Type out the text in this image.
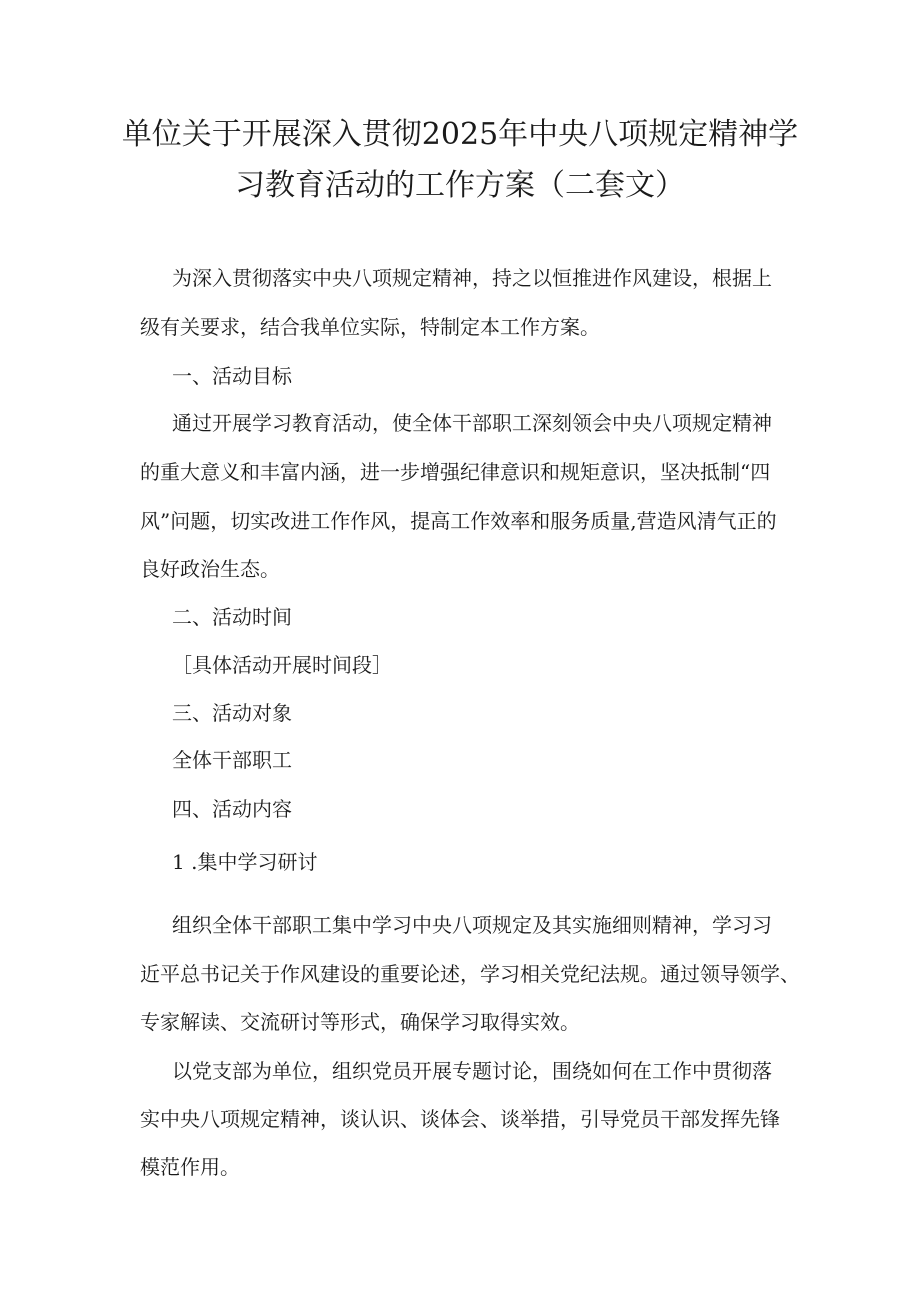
单位关于开展深入贯彻2025年中央八项规定精神学
习教育活动的工作方案（二套文）
为深入贯彻落实中央八项规定精神，持之以恒推进作风建设，根据上
级有关要求，结合我单位实际，特制定本工作方案。
一、活动目标
通过开展学习教育活动，使全体干部职工深刻领会中央八项规定精神
的重大意义和丰富内涵，进一步增强纪律意识和规矩意识，坚决抵制“四
风”问题，切实改进工作作风，提高工作效率和服务质量,营造风清气正的
良好政治生态。
二、活动时间
［具体活动开展时间段］
三、活动对象
全体干部职工
四、活动内容
1 .集中学习研讨
组织全体干部职工集中学习中央八项规定及其实施细则精神，学习习
近平总书记关于作风建设的重要论述，学习相关党纪法规。通过领导领学、
专家解读、交流研讨等形式，确保学习取得实效。
以党支部为单位，组织党员开展专题讨论，围绕如何在工作中贯彻落
实中央八项规定精神，谈认识、谈体会、谈举措，引导党员干部发挥先锋
模范作用。
